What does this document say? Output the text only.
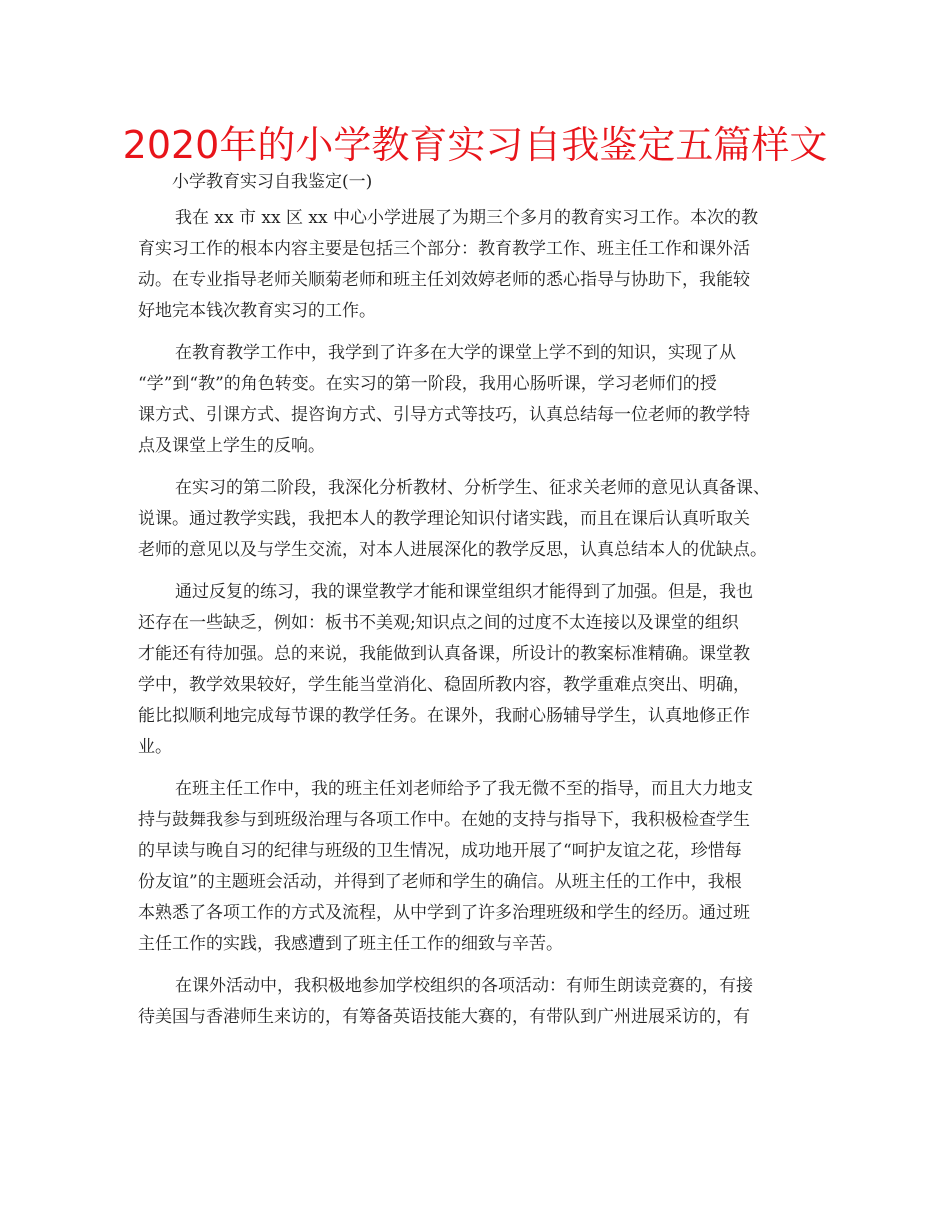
2020年的小学教育实习自我鉴定五篇样文

小学教育实习自我鉴定(一)

我在 xx 市 xx 区 xx 中心小学进展了为期三个多月的教育实习工作。本次的教
育实习工作的根本内容主要是包括三个部分：教育教学工作、班主任工作和课外活
动。在专业指导老师关顺菊老师和班主任刘效婷老师的悉心指导与协助下，我能较
好地完本钱次教育实习的工作。
在教育教学工作中，我学到了许多在大学的课堂上学不到的知识，实现了从
“学”到“教”的角色转变。在实习的第一阶段，我用心肠听课，学习老师们的授
课方式、引课方式、提咨询方式、引导方式等技巧，认真总结每一位老师的教学特
点及课堂上学生的反响。
在实习的第二阶段，我深化分析教材、分析学生、征求关老师的意见认真备课、
说课。通过教学实践，我把本人的教学理论知识付诸实践，而且在课后认真听取关
老师的意见以及与学生交流，对本人进展深化的教学反思，认真总结本人的优缺点。
通过反复的练习，我的课堂教学才能和课堂组织才能得到了加强。但是，我也
还存在一些缺乏，例如：板书不美观;知识点之间的过度不太连接以及课堂的组织
才能还有待加强。总的来说，我能做到认真备课，所设计的教案标准精确。课堂教
学中，教学效果较好，学生能当堂消化、稳固所教内容，教学重难点突出、明确，
能比拟顺利地完成每节课的教学任务。在课外，我耐心肠辅导学生，认真地修正作
业。
在班主任工作中，我的班主任刘老师给予了我无微不至的指导，而且大力地支
持与鼓舞我参与到班级治理与各项工作中。在她的支持与指导下，我积极检查学生
的早读与晚自习的纪律与班级的卫生情况，成功地开展了“呵护友谊之花，珍惜每
份友谊”的主题班会活动，并得到了老师和学生的确信。从班主任的工作中，我根
本熟悉了各项工作的方式及流程，从中学到了许多治理班级和学生的经历。通过班
主任工作的实践，我感遭到了班主任工作的细致与辛苦。
在课外活动中，我积极地参加学校组织的各项活动：有师生朗读竞赛的，有接
待美国与香港师生来访的，有筹备英语技能大赛的，有带队到广州进展采访的，有
